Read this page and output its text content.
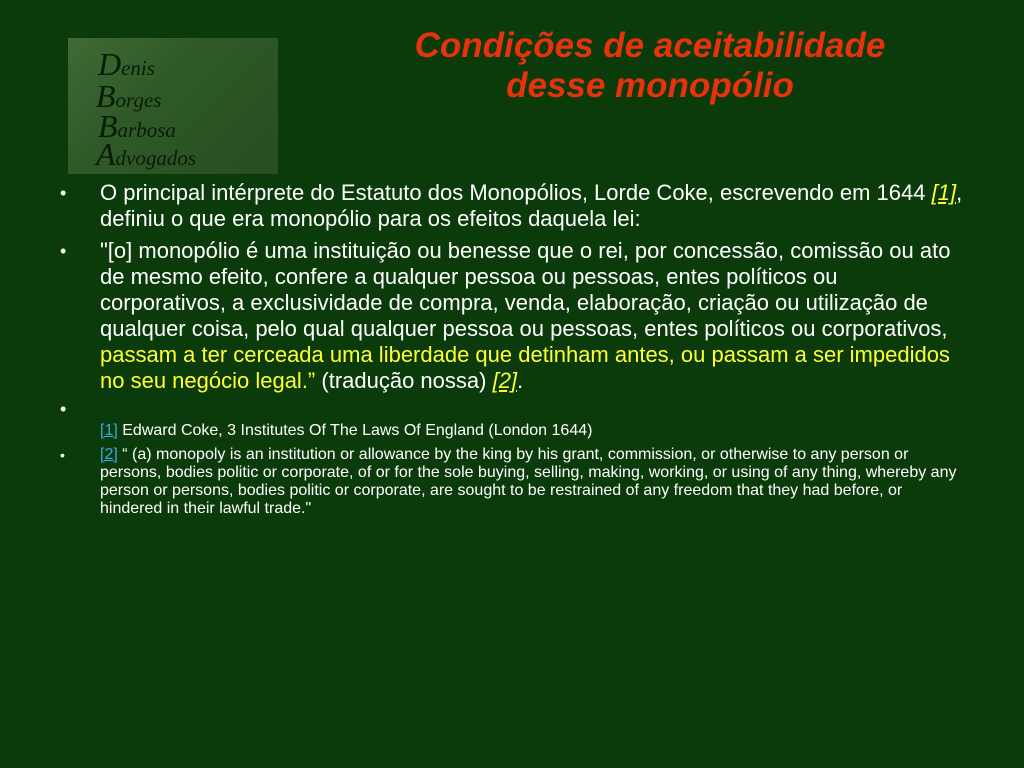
Denis
Borges
Barbosa
Advogados
Condições de aceitabilidade
desse monopólio
•	O principal intérprete do Estatuto dos Monopólios, Lorde Coke, escrevendo em 1644 [1], definiu o que era monopólio para os efeitos daquela lei:
•	"[o] monopólio é uma instituição ou benesse que o rei, por concessão, comissão ou ato de mesmo efeito, confere a qualquer pessoa ou pessoas, entes políticos ou corporativos, a exclusividade de compra, venda, elaboração, criação ou utilização de qualquer coisa, pelo qual qualquer pessoa ou pessoas, entes políticos ou corporativos, passam a ter cerceada uma liberdade que detinham antes, ou passam a ser impedidos no seu negócio legal.” (tradução nossa) [2].
•
[1] Edward Coke, 3 Institutes Of The Laws Of England (London 1644)
•	[2] “ (a) monopoly is an institution or allowance by the king by his grant, commission, or otherwise to any person or persons, bodies politic or corporate, of or for the sole buying, selling, making, working, or using of any thing, whereby any person or persons, bodies politic or corporate, are sought to be restrained of any freedom that they had before, or hindered in their lawful trade."
